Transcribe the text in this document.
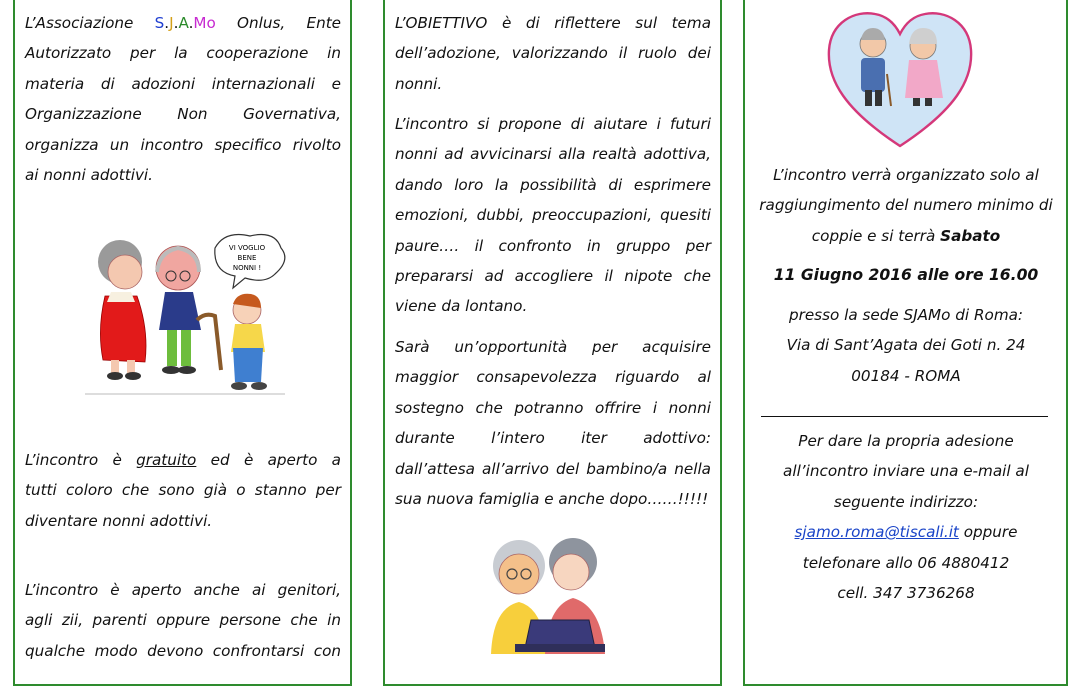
L’Associazione S.J.A.Mo Onlus, Ente
Autorizzato per la cooperazione in
materia di adozioni internazionali e
Organizzazione Non Governativa,
organizza un incontro specifico rivolto
ai nonni adottivi.
VI VOGLIO
BENE
NONNI !
L’incontro è gratuito ed è aperto a
tutti coloro che sono già o stanno per
diventare nonni adottivi.
L’incontro è aperto anche ai genitori,
agli zii, parenti oppure persone che in
qualche modo devono confrontarsi con
L’OBIETTIVO è di riflettere sul tema
dell’adozione, valorizzando il ruolo dei
nonni.
L’incontro si propone di aiutare i futuri
nonni ad avvicinarsi alla realtà adottiva,
dando loro la possibilità di esprimere
emozioni, dubbi, preoccupazioni, quesiti
paure…. il confronto in gruppo per
prepararsi ad accogliere il nipote che
viene da lontano.
Sarà un’opportunità per acquisire
maggior consapevolezza riguardo al
sostegno che potranno offrire i nonni
durante l’intero iter adottivo:
dall’attesa all’arrivo del bambino/a nella
sua nuova famiglia e anche dopo……!!!!!
L’incontro verrà organizzato solo al
raggiungimento del numero minimo di
coppie e si terrà Sabato
11 Giugno 2016 alle ore 16.00
presso la sede SJAMo di Roma:
Via di Sant’Agata dei Goti n. 24
00184 - ROMA
Per dare la propria adesione
all’incontro inviare una e-mail al
seguente indirizzo:
sjamo.roma@tiscali.it oppure
telefonare allo 06 4880412
cell. 347 3736268
